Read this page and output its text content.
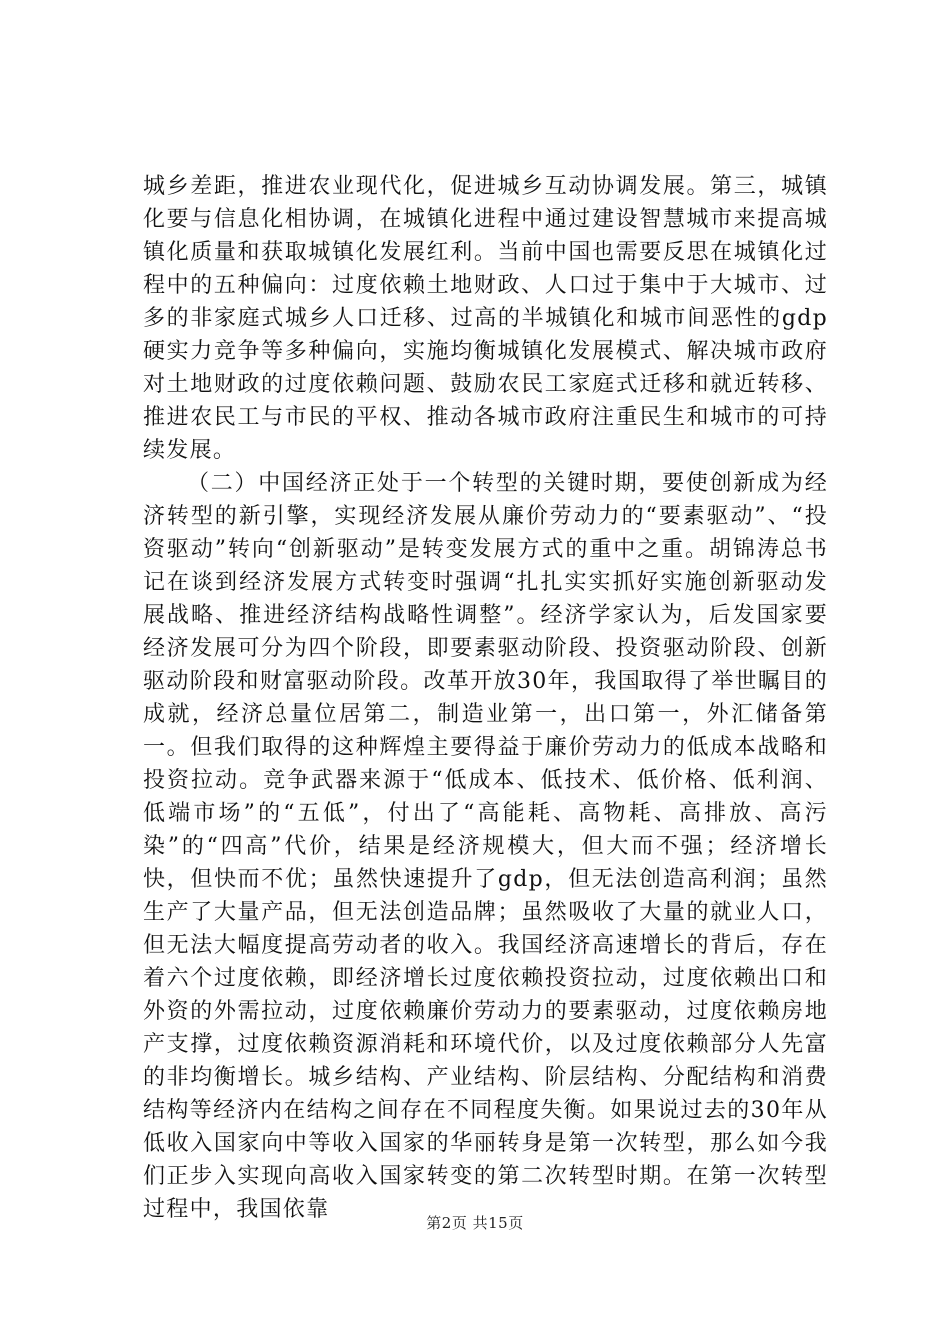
城乡差距，推进农业现代化，促进城乡互动协调发展。第三，城镇化要与信息化相协调，在城镇化进程中通过建设智慧城市来提高城镇化质量和获取城镇化发展红利。当前中国也需要反思在城镇化过程中的五种偏向：过度依赖土地财政、人口过于集中于大城市、过多的非家庭式城乡人口迁移、过高的半城镇化和城市间恶性的gdp硬实力竞争等多种偏向，实施均衡城镇化发展模式、解决城市政府对土地财政的过度依赖问题、鼓励农民工家庭式迁移和就近转移、推进农民工与市民的平权、推动各城市政府注重民生和城市的可持续发展。

（二）中国经济正处于一个转型的关键时期，要使创新成为经济转型的新引擎，实现经济发展从廉价劳动力的“要素驱动”、“投资驱动”转向“创新驱动”是转变发展方式的重中之重。胡锦涛总书记在谈到经济发展方式转变时强调“扎扎实实抓好实施创新驱动发展战略、推进经济结构战略性调整”。经济学家认为，后发国家要经济发展可分为四个阶段，即要素驱动阶段、投资驱动阶段、创新驱动阶段和财富驱动阶段。改革开放30年，我国取得了举世瞩目的成就，经济总量位居第二，制造业第一，出口第一，外汇储备第一。但我们取得的这种辉煌主要得益于廉价劳动力的低成本战略和投资拉动。竞争武器来源于“低成本、低技术、低价格、低利润、低端市场”的“五低”，付出了“高能耗、高物耗、高排放、高污染”的“四高”代价，结果是经济规模大，但大而不强；经济增长快，但快而不优；虽然快速提升了gdp，但无法创造高利润；虽然生产了大量产品，但无法创造品牌；虽然吸收了大量的就业人口，但无法大幅度提高劳动者的收入。我国经济高速增长的背后，存在着六个过度依赖，即经济增长过度依赖投资拉动，过度依赖出口和外资的外需拉动，过度依赖廉价劳动力的要素驱动，过度依赖房地产支撑，过度依赖资源消耗和环境代价，以及过度依赖部分人先富的非均衡增长。城乡结构、产业结构、阶层结构、分配结构和消费结构等经济内在结构之间存在不同程度失衡。如果说过去的30年从低收入国家向中等收入国家的华丽转身是第一次转型，那么如今我们正步入实现向高收入国家转变的第二次转型时期。在第一次转型过程中，我国依靠

第2页 共15页
